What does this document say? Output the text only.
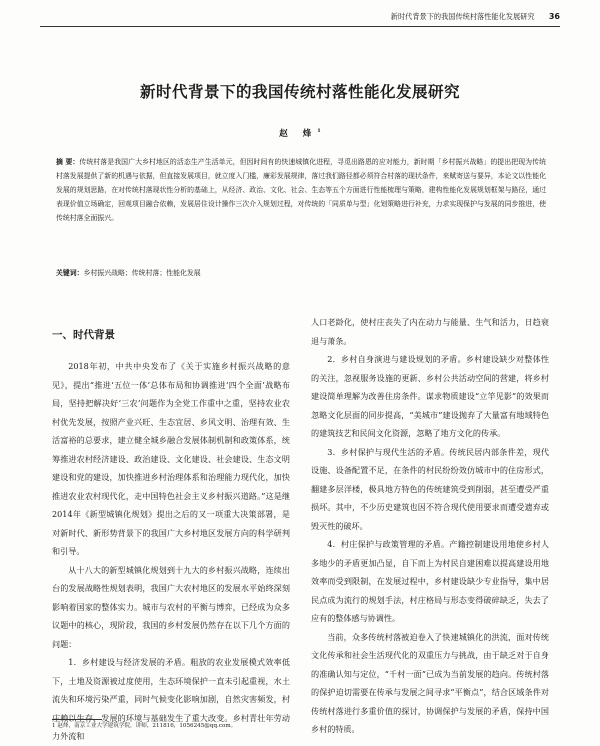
新时代背景下的我国传统村落性能化发展研究 36
新时代背景下的我国传统村落性能化发展研究
赵 烽$^1$
摘 要：传统村落是我国广大乡村地区的活态生产生活单元，但因时间有的快速城镇化进程，寻觅出路恩的应对能力，新时期「乡村振兴战略」的提出把现为传统村落发展提供了新的机遇与依据，但直接发展项目，就立度入门槛，廉彩发展规律，落过我们路径都必须符合村落的现状条件，来赋寄送与要异，本论文以性能化发展的规划思路，在对传统村落现状性分析的基础上，从经济、政治、文化、社会、生态等五个方面进行性能梳理与策略，建构性能化发展规划框架与路径，通过表现价值立场确定，回观项目融合依赖，发展居住设计操作三次介入规划过程，对传统的「同质单与型」化划策略进行补充，力求实现保护与发展的同步推进，使传统村落全面振兴。
关键词：乡村振兴战略；传统村落；性能化发展
一、时代背景

2018年初，中共中央发布了《关于实施乡村振兴战略的意见》，提出“推进‘五位一体’总体布局和协调推进‘四个全面’战略布局，坚持把解决好‘三农’问题作为全党工作重中之重，坚持农业农村优先发展，按照产业兴旺、生态宜居、乡风文明、治理有效、生活富裕的总要求，建立健全城乡融合发展体制机制和政策体系，统筹推进农村经济建设、政治建设、文化建设、社会建设、生态文明建设和党的建设，加快推进乡村治理体系和治理能力现代化，加快推进农业农村现代化，走中国特色社会主义乡村振兴道路。”这是继2014年《新型城镇化规划》提出之后的又一项重大决策部署，是对新时代、新形势背景下的我国广大乡村地区发展方向的科学研判和引导。

从十八大的新型城镇化规划到十九大的乡村振兴战略，连续出台的发展战略性规划表明，我国广大农村地区的发展水平始终深刻影响着国家的整体实力。城市与农村的平衡与博弈，已经成为众多议题中的核心，现阶段，我国的乡村发展仍然存在以下几个方面的问题：

1．乡村建设与经济发展的矛盾。粗放的农业发展模式效率低下，土地及资源被过度使用，生态环境保护一直未引起重视，水土流失和环境污染严重，同时气候变化影响加剧，自然灾害频发，村庄赖以生存、发展的环境与基础发生了重大改变。乡村青壮年劳动力外流和

人口老龄化，使村庄丧失了内在动力与能量、生气和活力，日趋衰退与萧条。

2．乡村自身演进与建设规划的矛盾。乡村建设缺少对整体性的关注，忽视服务设施的更新、乡村公共活动空间的营建，将乡村建设简单理解为改善住房条件。谋求物质建设“立竿见影”的效果而忽略文化层面的同步提高，“美城市”建设抛弃了大量富有地域特色的建筑技艺和民间文化资源，忽略了地方文化的传承。

3．乡村保护与现代生活的矛盾。传统民居内部条件差，现代设施、设备配置不足，在条件的村民纷纷效仿城市中的住房形式，翻建多层洋楼，极具地方特色的传统建筑受到削弱，甚至遭受严重损坏。其中，不少历史建筑也因不符合现代使用要求而遭受遗弃或毁灭性的破坏。

4．村庄保护与政策管理的矛盾。产籍控制建设用地使乡村人多地少的矛盾更加凸显，自下而上为村民自建困难以提高建设用地效率而受到限制，在发展过程中，乡村建设缺少专业指导，集中居民点成为流行的规划手法，村庄格局与形态变得破碎缺乏，失去了应有的整体感与协调性。

当前，众多传统村落被迫卷入了快速城镇化的洪流，面对传统文化传承和社会生活现代化的双重压力与挑战，由于缺乏对于自身的准确认知与定位，“千村一面”已成为当前发展的趋向。传统村落的保护迫切需要在传承与发展之间寻求“平衡点”，结合区域条件对传统村落进行多重价值的探讨，协调保护与发展的矛盾，保持中国乡村的特质。

1 赵烽，南京工业大学建筑学院，讲师，211816，1056245@qq.com。
